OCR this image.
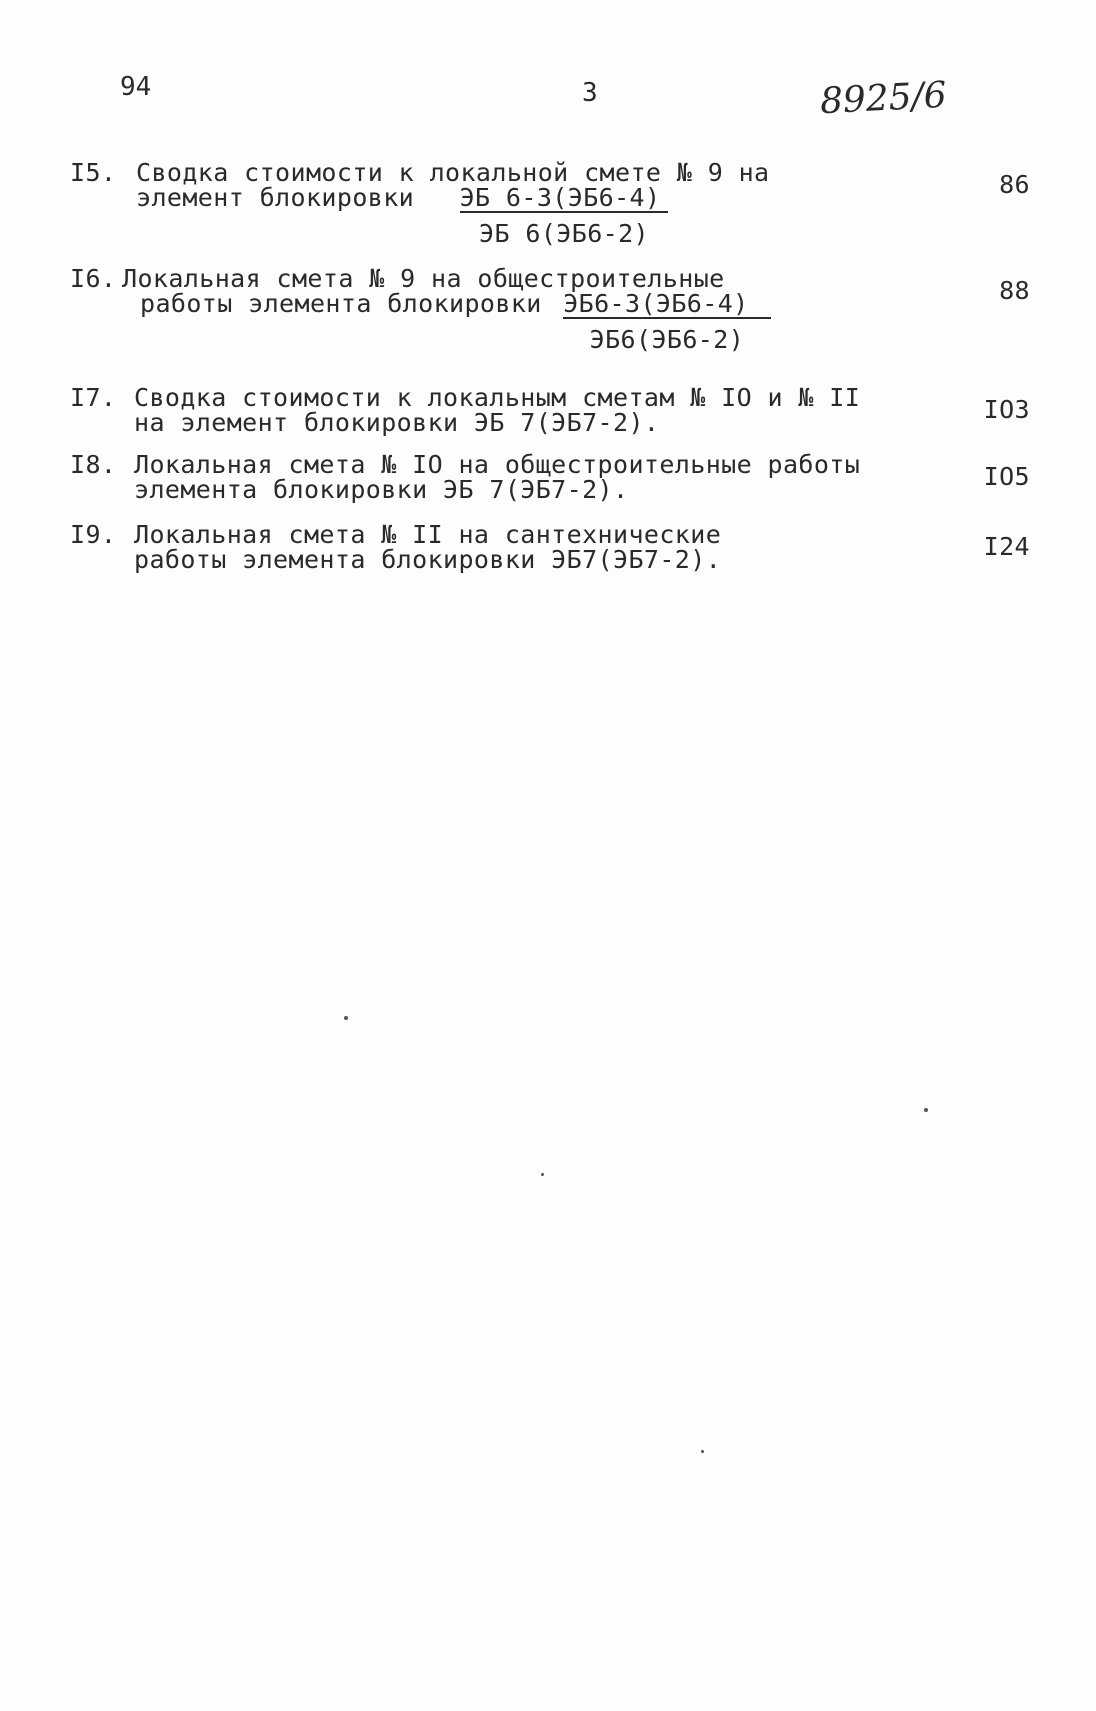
94	3	8925/6
I5. Сводка стоимости к локальной смете № 9 на
элемент блокировки $\frac{ЭБ 6-3(ЭБ6-4)}{ЭБ 6(ЭБ6-2)}$
86
I6. Локальная смета № 9 на общестроительные
работы элемента блокировки $\frac{ЭБ6-3(ЭБ6-4)}{ЭБ6(ЭБ6-2)}$
88
I7. Сводка стоимости к локальным сметам № IO и № II
на элемент блокировки ЭБ 7(ЭБ7-2).	IO3
I8. Локальная смета № IO на общестроительные работы
элемента блокировки ЭБ 7(ЭБ7-2).	IO5
I9. Локальная смета № II на сантехнические
работы элемента блокировки ЭБ7(ЭБ7-2).	I24
